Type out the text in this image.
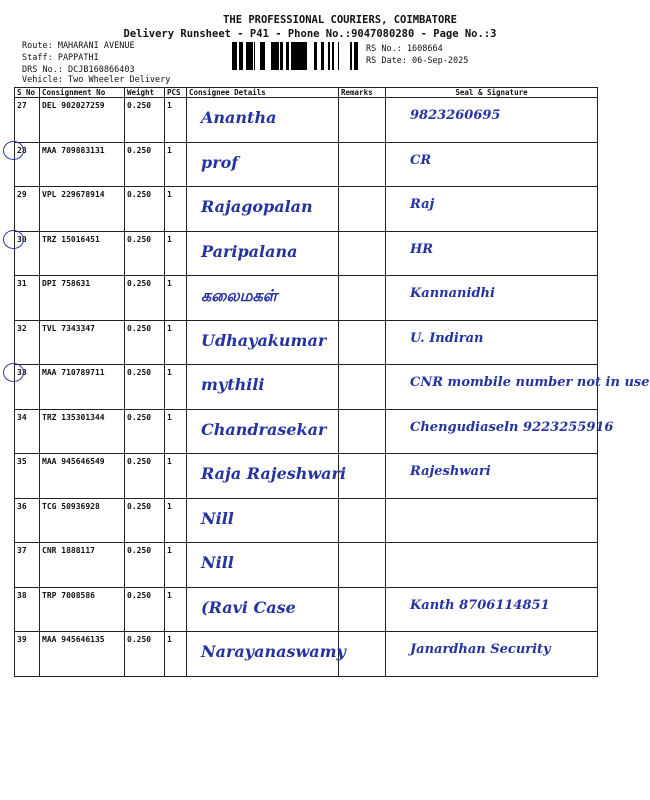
THE PROFESSIONAL COURIERS, COIMBATORE
Delivery Runsheet - P41 - Phone No.:9047080280 - Page No.:3
Route: MAHARANI AVENUE
Staff: PAPPATHI
DRS No.: DCJB160866403
Vehicle: Two Wheeler Delivery
RS No.: 1608664
RS Date: 06-Sep-2025
S No	Consignment No	Weight	PCS	Consignee Details	Remarks	Seal & Signature
27	DEL 902027259	0.250	1	Anantha		9823260695

28	MAA 709883131	0.250	1	prof		CR

29	VPL 229678914	0.250	1	Rajagopalan		Raj

30	TRZ 15016451	0.250	1	Paripalana		HR

31	DPI 758631	0.250	1	கலைமகள்		Kannanidhi

32	TVL 7343347	0.250	1	Udhayakumar		U. Indiran

33	MAA 710789711	0.250	1	mythili		CNR mombile number not in use

34	TRZ 135301344	0.250	1	Chandrasekar		Chengudiaseln 9223255916

35	MAA 945646549	0.250	1	Raja Rajeshwari		Rajeshwari

36	TCG 50936928	0.250	1	Nill		

37	CNR 1888117	0.250	1	Nill		

38	TRP 7008586	0.250	1	(Ravi Case		Kanth 8706114851

39	MAA 945646135	0.250	1	Narayanaswamy		Janardhan Security
